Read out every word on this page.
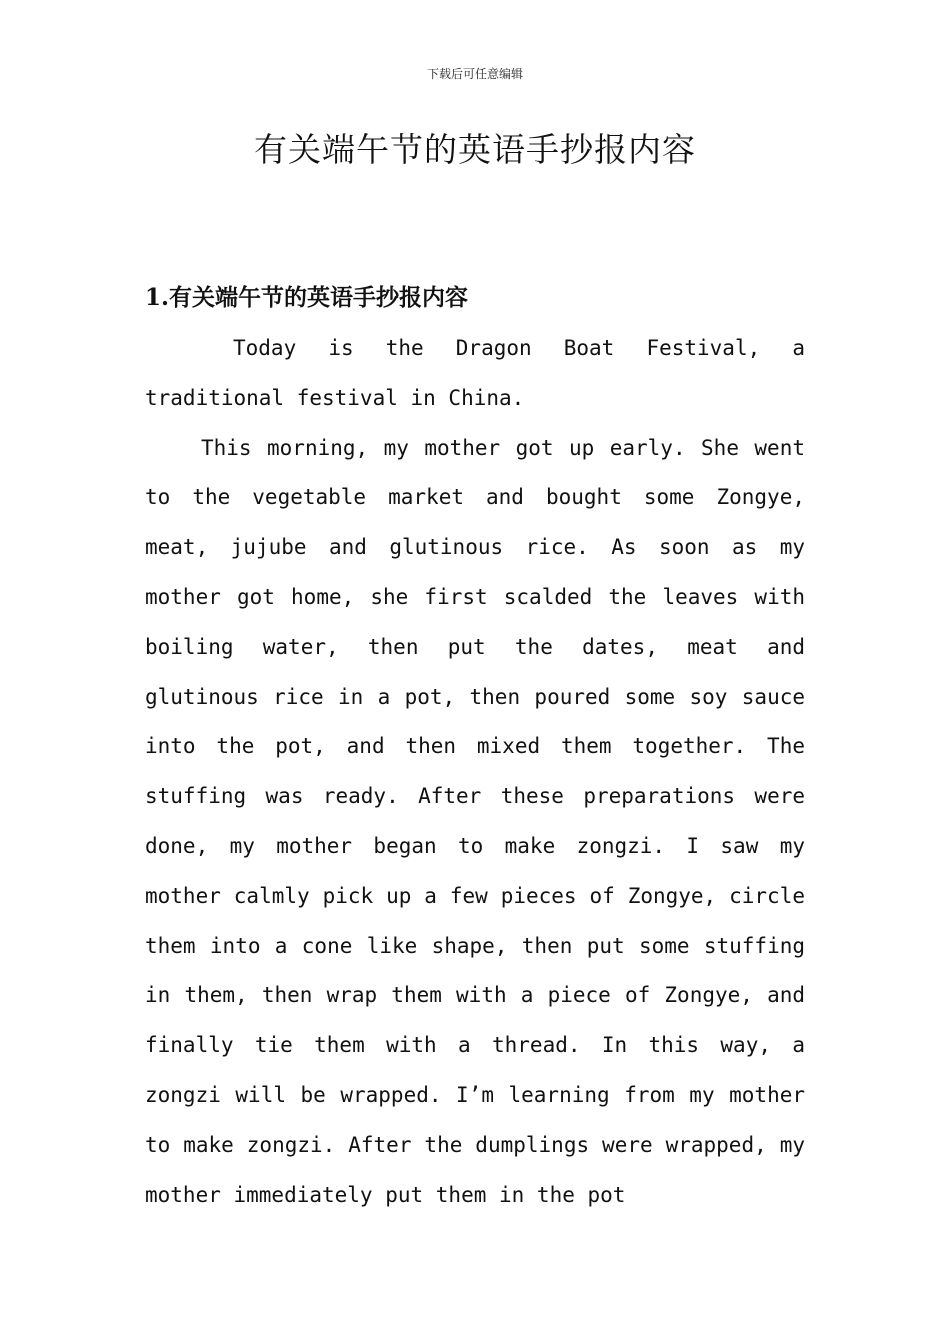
下载后可任意编辑
有关端午节的英语手抄报内容
1.有关端午节的英语手抄报内容

Today is the Dragon Boat Festival, a traditional festival in China.

This morning, my mother got up early. She went to the vegetable market and bought some Zongye, meat, jujube and glutinous rice. As soon as my mother got home, she first scalded the leaves with boiling water, then put the dates, meat and glutinous rice in a pot, then poured some soy sauce into the pot, and then mixed them together. The stuffing was ready. After these preparations were done, my mother began to make zongzi. I saw my mother calmly pick up a few pieces of Zongye, circle them into a cone like shape, then put some stuffing in them, then wrap them with a piece of Zongye, and finally tie them with a thread. In this way, a zongzi will be wrapped. I’m learning from my mother to make zongzi. After the dumplings were wrapped, my mother immediately put them in the pot
